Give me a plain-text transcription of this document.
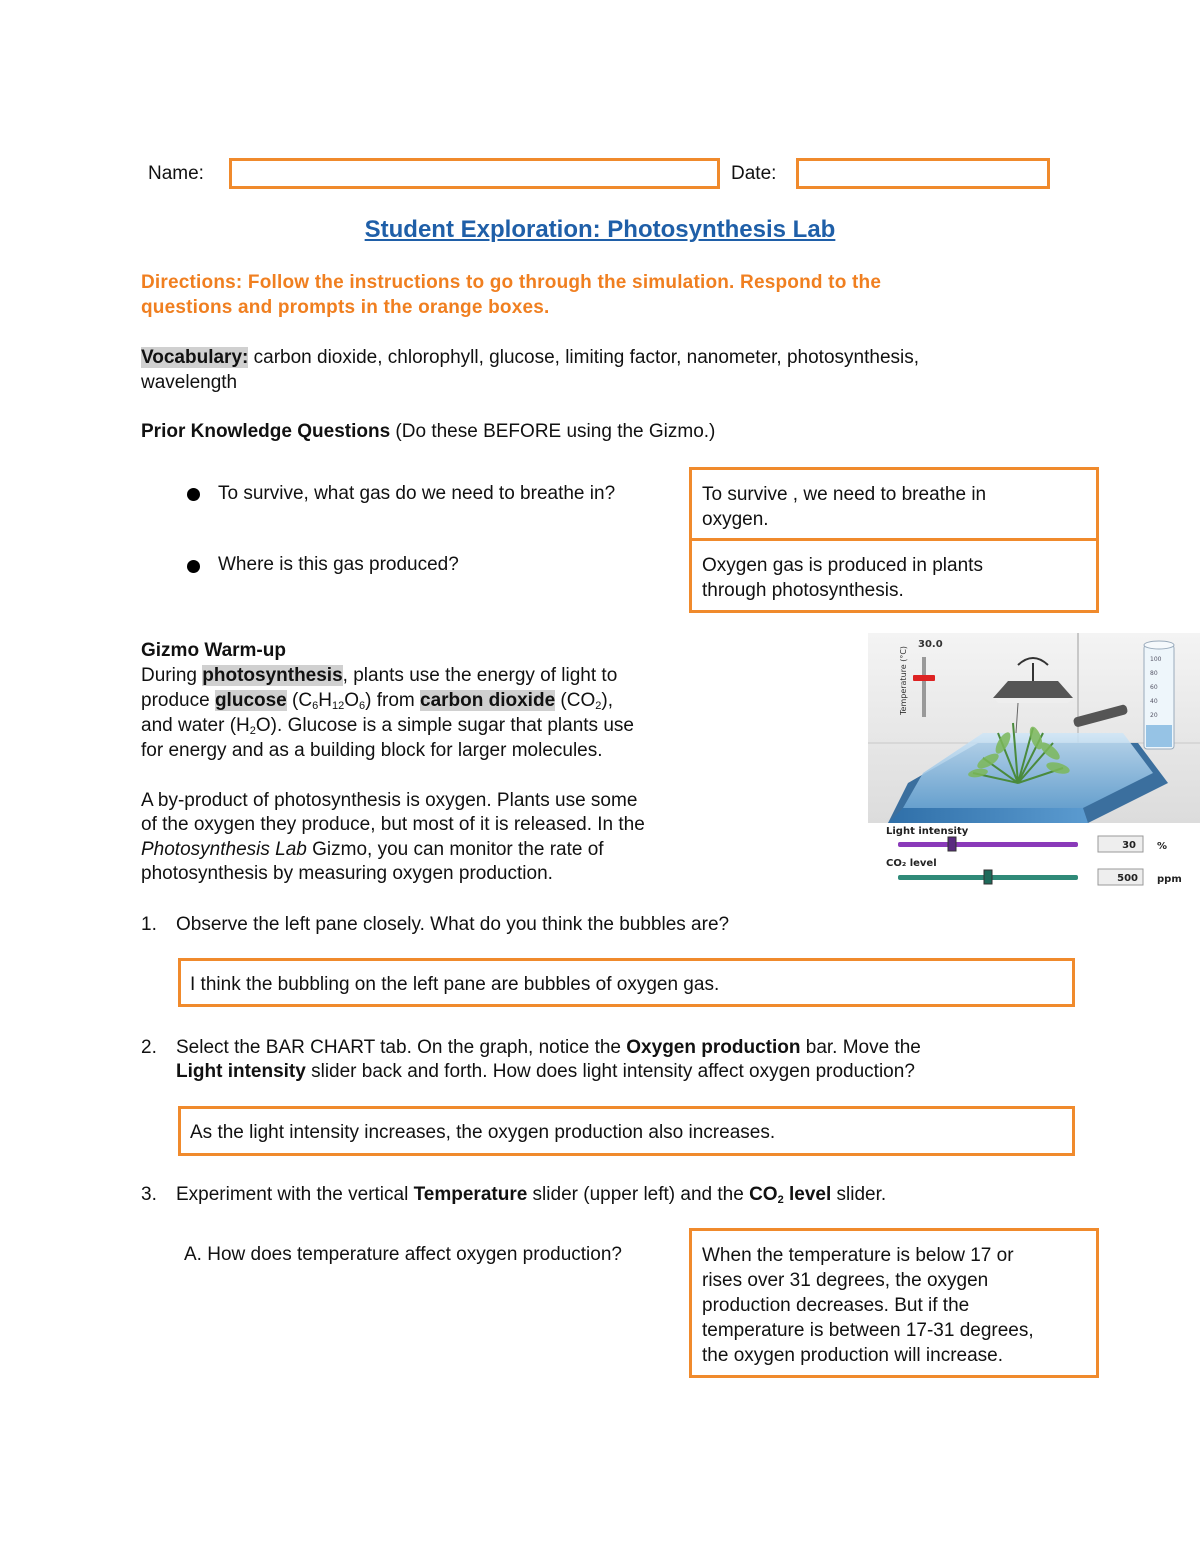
Name:	Date:
Student Exploration: Photosynthesis Lab
Directions: Follow the instructions to go through the simulation. Respond to the
questions and prompts in the orange boxes.
Vocabulary: carbon dioxide, chlorophyll, glucose, limiting factor, nanometer, photosynthesis,
wavelength
Prior Knowledge Questions (Do these BEFORE using the Gizmo.)
To survive, what gas do we need to breathe in?
Where is this gas produced?
To survive , we need to breathe in
oxygen.
Oxygen gas is produced in plants
through photosynthesis.
Gizmo Warm-up
During photosynthesis, plants use the energy of light to
produce glucose $(C_6H_{12}O_6)$ from carbon dioxide $(CO_2)$,
and water $(H_2O)$. Glucose is a simple sugar that plants use
for energy and as a building block for larger molecules.
A by-product of photosynthesis is oxygen. Plants use some
of the oxygen they produce, but most of it is released. In the
Photosynthesis Lab Gizmo, you can monitor the rate of
photosynthesis by measuring oxygen production.
100
80
60
40
20
30.0
Temperature (°C)
Light intensity
30 %
CO₂ level
500 ppm
1. Observe the left pane closely. What do you think the bubbles are?
I think the bubbling on the left pane are bubbles of oxygen gas.
2. Select the BAR CHART tab. On the graph, notice the Oxygen production bar. Move the
Light intensity slider back and forth. How does light intensity affect oxygen production?
As the light intensity increases, the oxygen production also increases.
3. Experiment with the vertical Temperature slider (upper left) and the $CO_2$ level slider.
A. How does temperature affect oxygen production?	When the temperature is below 17 or
rises over 31 degrees, the oxygen
production decreases. But if the
temperature is between 17-31 degrees,
the oxygen production will increase.
